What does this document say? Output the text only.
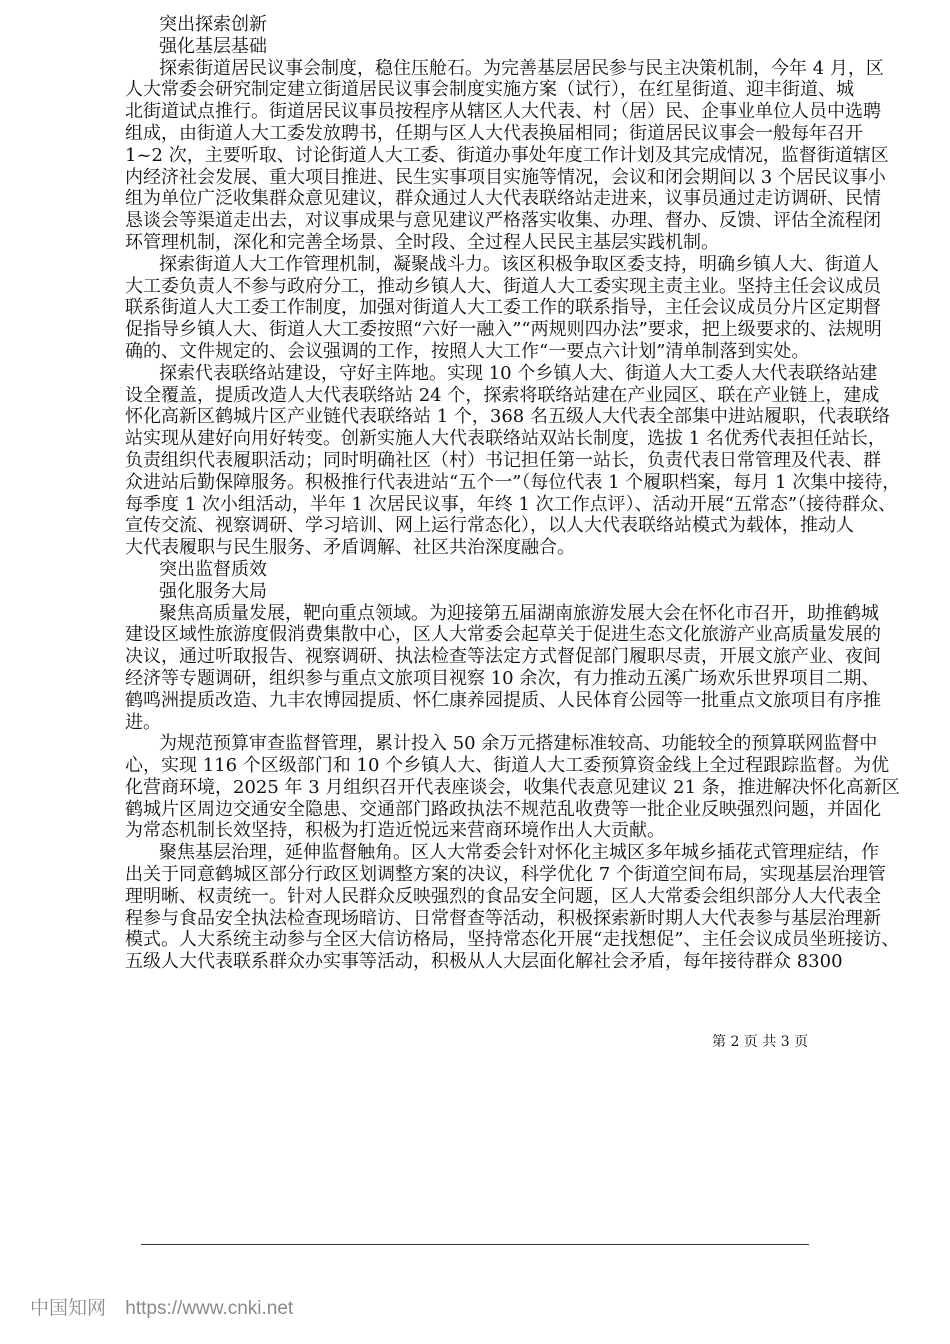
突出探索创新
强化基层基础
探索街道居民议事会制度，稳住压舱石。为完善基层居民参与民主决策机制，今年 4 月，区
人大常委会研究制定建立街道居民议事会制度实施方案（试行），在红星街道、迎丰街道、城
北街道试点推行。街道居民议事员按程序从辖区人大代表、村（居）民、企事业单位人员中选聘
组成，由街道人大工委发放聘书，任期与区人大代表换届相同；街道居民议事会一般每年召开
1~2 次，主要听取、讨论街道人大工委、街道办事处年度工作计划及其完成情况，监督街道辖区
内经济社会发展、重大项目推进、民生实事项目实施等情况，会议和闭会期间以 3 个居民议事小
组为单位广泛收集群众意见建议，群众通过人大代表联络站走进来，议事员通过走访调研、民情
恳谈会等渠道走出去，对议事成果与意见建议严格落实收集、办理、督办、反馈、评估全流程闭
环管理机制，深化和完善全场景、全时段、全过程人民民主基层实践机制。
探索街道人大工作管理机制，凝聚战斗力。该区积极争取区委支持，明确乡镇人大、街道人
大工委负责人不参与政府分工，推动乡镇人大、街道人大工委实现主责主业。坚持主任会议成员
联系街道人大工委工作制度，加强对街道人大工委工作的联系指导，主任会议成员分片区定期督
促指导乡镇人大、街道人大工委按照“六好一融入”“两规则四办法”要求，把上级要求的、法规明
确的、文件规定的、会议强调的工作，按照人大工作“一要点六计划”清单制落到实处。
探索代表联络站建设，守好主阵地。实现 10 个乡镇人大、街道人大工委人大代表联络站建
设全覆盖，提质改造人大代表联络站 24 个，探索将联络站建在产业园区、联在产业链上，建成
怀化高新区鹤城片区产业链代表联络站 1 个，368 名五级人大代表全部集中进站履职，代表联络
站实现从建好向用好转变。创新实施人大代表联络站双站长制度，选拔 1 名优秀代表担任站长，
负责组织代表履职活动；同时明确社区（村）书记担任第一站长，负责代表日常管理及代表、群
众进站后勤保障服务。积极推行代表进站“五个一”（每位代表 1 个履职档案，每月 1 次集中接待，
每季度 1 次小组活动，半年 1 次居民议事，年终 1 次工作点评）、活动开展“五常态”（接待群众、
宣传交流、视察调研、学习培训、网上运行常态化），以人大代表联络站模式为载体，推动人
大代表履职与民生服务、矛盾调解、社区共治深度融合。
突出监督质效
强化服务大局
聚焦高质量发展，靶向重点领域。为迎接第五届湖南旅游发展大会在怀化市召开，助推鹤城
建设区域性旅游度假消费集散中心，区人大常委会起草关于促进生态文化旅游产业高质量发展的
决议，通过听取报告、视察调研、执法检查等法定方式督促部门履职尽责，开展文旅产业、夜间
经济等专题调研，组织参与重点文旅项目视察 10 余次，有力推动五溪广场欢乐世界项目二期、
鹤鸣洲提质改造、九丰农博园提质、怀仁康养园提质、人民体育公园等一批重点文旅项目有序推
进。
为规范预算审查监督管理，累计投入 50 余万元搭建标准较高、功能较全的预算联网监督中
心，实现 116 个区级部门和 10 个乡镇人大、街道人大工委预算资金线上全过程跟踪监督。为优
化营商环境，2025 年 3 月组织召开代表座谈会，收集代表意见建议 21 条，推进解决怀化高新区
鹤城片区周边交通安全隐患、交通部门路政执法不规范乱收费等一批企业反映强烈问题，并固化
为常态机制长效坚持，积极为打造近悦远来营商环境作出人大贡献。
聚焦基层治理，延伸监督触角。区人大常委会针对怀化主城区多年城乡插花式管理症结，作
出关于同意鹤城区部分行政区划调整方案的决议，科学优化 7 个街道空间布局，实现基层治理管
理明晰、权责统一。针对人民群众反映强烈的食品安全问题，区人大常委会组织部分人大代表全
程参与食品安全执法检查现场暗访、日常督查等活动，积极探索新时期人大代表参与基层治理新
模式。人大系统主动参与全区大信访格局，坚持常态化开展“走找想促”、主任会议成员坐班接访、
五级人大代表联系群众办实事等活动，积极从人大层面化解社会矛盾，每年接待群众 8300
第 2 页 共 3 页
中国知网 https://www.cnki.net
